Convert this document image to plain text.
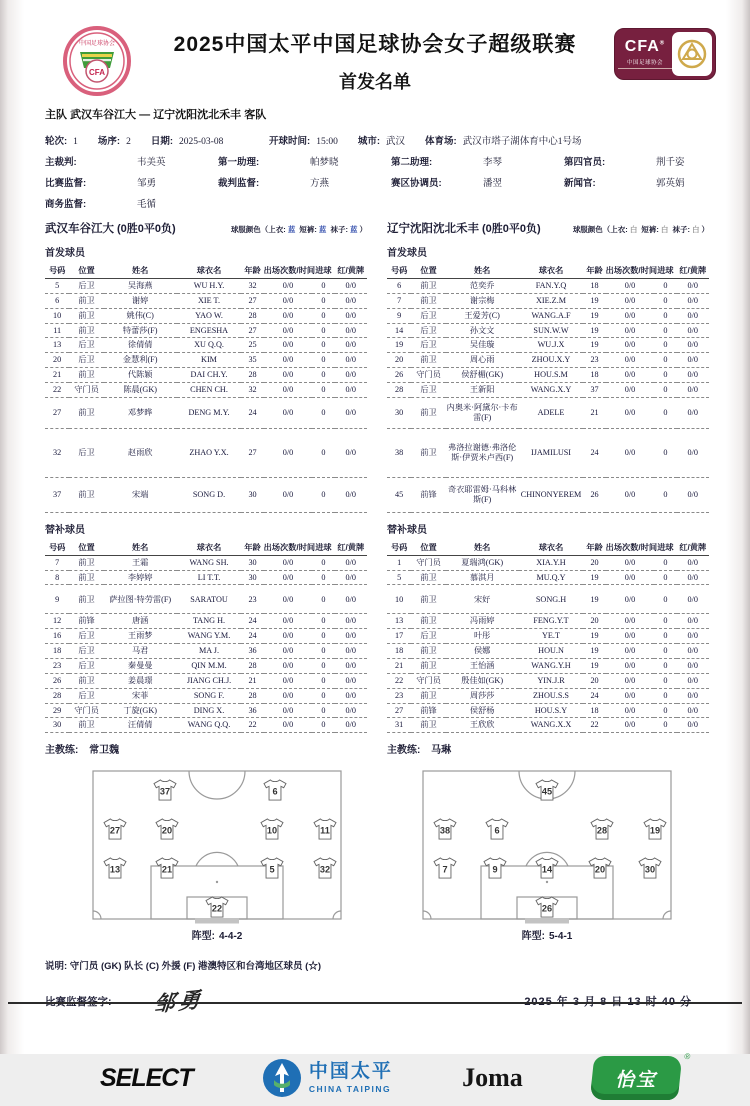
CFA
中国足球协会	2025中国太平中国足球协会女子超级联赛
首发名单
CFA®
中国足球协会
主队 武汉车谷江大 — 辽宁沈阳沈北禾丰 客队
轮次: 1 场序: 2 日期: 2025-03-08	开球时间: 15:00 城市: 武汉 体育场: 武汉市塔子湖体育中心1号场
主裁判:	韦美英	第一助理:	帕梦晓	第二助理:	李琴	第四官员:	荆千姿
比赛监督:	邹勇	裁判监督:	方燕	赛区协调员:	潘翌	新闻官:	郭英娟
商务监督:	毛循
武汉车谷江大 (0胜0平0负)	球服颜色（上衣: 蓝 短裤: 蓝 袜子: 蓝 ）
首发球员
号码	位置	姓名	球衣名	年龄	出场次数/时间	进球	红/黄牌
5	后卫	吴海燕	WU H.Y.	32	0/0	0	0/0
6	前卫	谢婷	XIE T.	27	0/0	0	0/0
10	前卫	姚伟(C)	YAO W.	28	0/0	0	0/0
11	前卫	特蕾莎(F)	ENGESHA	27	0/0	0	0/0
13	后卫	徐倩倩	XU Q.Q.	25	0/0	0	0/0
20	后卫	金慧利(F)	KIM	35	0/0	0	0/0
21	前卫	代陈颖	DAI CH.Y.	28	0/0	0	0/0
22	守门员	陈晨(GK)	CHEN CH.	32	0/0	0	0/0
27	前卫	邓梦晔	DENG M.Y.	24	0/0	0	0/0
32	后卫	赵雨欣	ZHAO Y.X.	27	0/0	0	0/0
37	前卫	宋端	SONG D.	30	0/0	0	0/0
替补球员
号码	位置	姓名	球衣名	年龄	出场次数/时间	进球	红/黄牌
7	前卫	王霜	WANG SH.	30	0/0	0	0/0
8	前卫	李婷婷	LI T.T.	30	0/0	0	0/0
9	前卫	萨拉图·特劳雷(F)	SARATOU	23	0/0	0	0/0
12	前锋	唐涵	TANG H.	24	0/0	0	0/0
16	后卫	王雨梦	WANG Y.M.	24	0/0	0	0/0
18	后卫	马君	MA J.	36	0/0	0	0/0
23	后卫	秦曼曼	QIN M.M.	28	0/0	0	0/0
26	前卫	姜晨璟	JIANG CH.J.	21	0/0	0	0/0
28	后卫	宋菲	SONG F.	28	0/0	0	0/0
29	守门员	丁旋(GK)	DING X.	36	0/0	0	0/0
30	前卫	汪倩倩	WANG Q.Q.	22	0/0	0	0/0
主教练: 常卫魏
辽宁沈阳沈北禾丰 (0胜0平0负)	球服颜色（上衣: 白 短裤: 白 袜子: 白 ）
首发球员
号码	位置	姓名	球衣名	年龄	出场次数/时间	进球	红/黄牌
6	前卫	范奕乔	FAN.Y.Q	18	0/0	0	0/0
7	前卫	谢宗梅	XIE.Z.M	19	0/0	0	0/0
9	后卫	王爱芳(C)	WANG.A.F	19	0/0	0	0/0
14	后卫	孙文文	SUN.W.W	19	0/0	0	0/0
19	后卫	吴佳璇	WU.J.X	19	0/0	0	0/0
20	前卫	周心雨	ZHOU.X.Y	23	0/0	0	0/0
26	守门员	侯舒楣(GK)	HOU.S.M	18	0/0	0	0/0
28	后卫	王新阳	WANG.X.Y	37	0/0	0	0/0
30	前卫	内奥米·阿黛尔·卡布雷(F)	ADELE	21	0/0	0	0/0
38	前卫	弗洛拉谢德·弗洛伦斯·伊贾米卢西(F)	IJAMILUSI	24	0/0	0	0/0
45	前锋	奇衣耶雷姆·马科林斯(F)	CHINONYEREM	26	0/0	0	0/0
替补球员
号码	位置	姓名	球衣名	年龄	出场次数/时间	进球	红/黄牌
1	守门员	夏瑞鸿(GK)	XIA.Y.H	20	0/0	0	0/0
5	前卫	慕淇月	MU.Q.Y	19	0/0	0	0/0
10	前卫	宋好	SONG.H	19	0/0	0	0/0
13	前卫	冯雨婷	FENG.Y.T	20	0/0	0	0/0
17	后卫	叶彤	YE.T	19	0/0	0	0/0
18	前卫	侯娜	HOU.N	19	0/0	0	0/0
21	前卫	王怡涵	WANG.Y.H	19	0/0	0	0/0
22	守门员	殷佳如(GK)	YIN.J.R	20	0/0	0	0/0
23	前卫	周莎莎	ZHOU.S.S	24	0/0	0	0/0
27	前锋	侯舒杨	HOU.S.Y	18	0/0	0	0/0
31	前卫	王欣欣	WANG.X.X	22	0/0	0	0/0
主教练: 马琳
37	6
27	20	10	11
13	21	5	32
22
阵型: 4-4-2
45
38	6	28	19
7	9	14	20	30
26
阵型: 5-4-1
说明: 守门员 (GK) 队长 (C) 外援 (F) 港澳特区和台湾地区球员 (☆)
比赛监督签字: 邹勇	2025 年 3 月 8 日 13 时 40 分
SELECT	中国太平
CHINA TAIPING	Joma	怡宝
®
